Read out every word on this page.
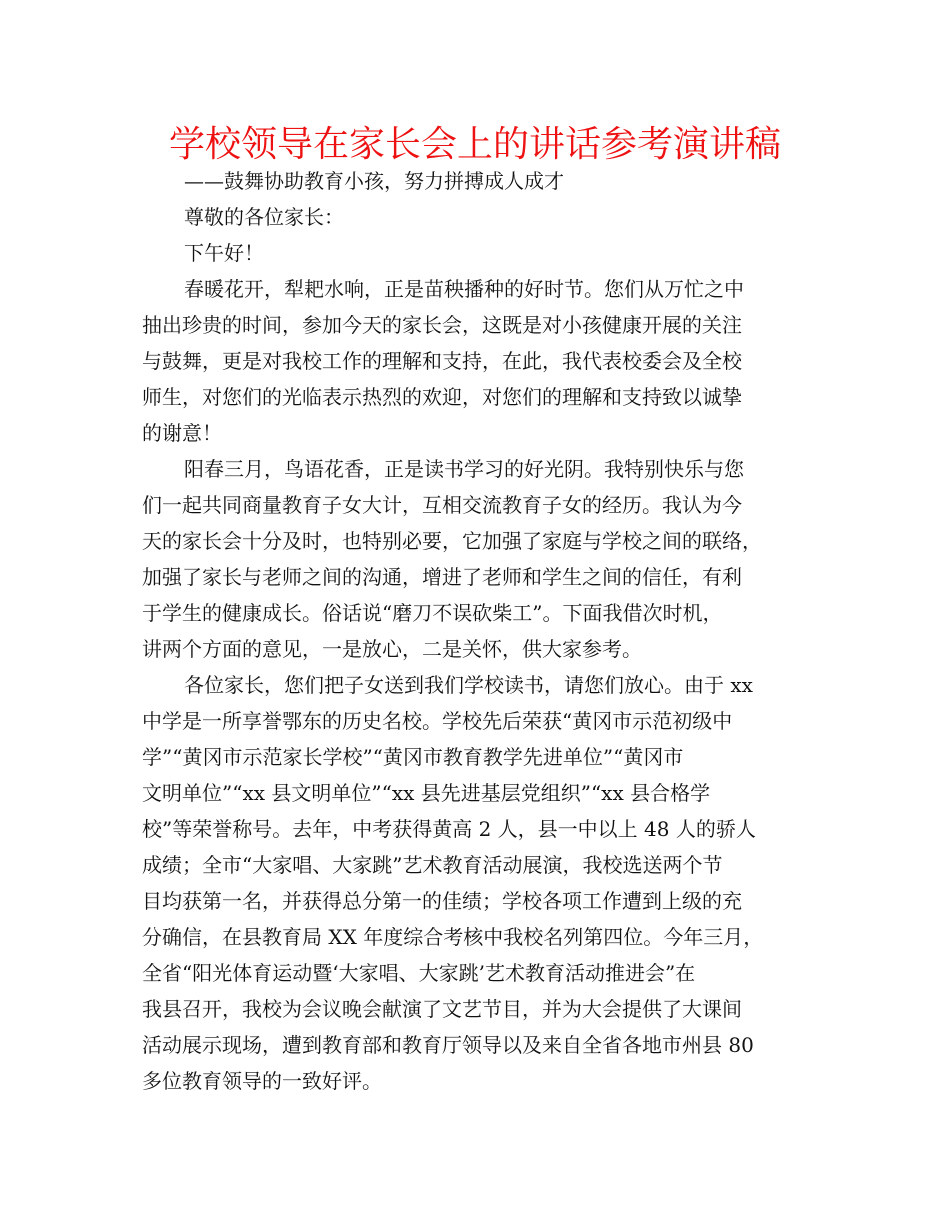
学校领导在家长会上的讲话参考演讲稿
——鼓舞协助教育小孩，努力拼搏成人成才
尊敬的各位家长：
下午好！
春暖花开，犁耙水响，正是苗秧播种的好时节。您们从万忙之中
抽出珍贵的时间，参加今天的家长会，这既是对小孩健康开展的关注
与鼓舞，更是对我校工作的理解和支持，在此，我代表校委会及全校
师生，对您们的光临表示热烈的欢迎，对您们的理解和支持致以诚挚
的谢意！
阳春三月，鸟语花香，正是读书学习的好光阴。我特别快乐与您
们一起共同商量教育子女大计，互相交流教育子女的经历。我认为今
天的家长会十分及时，也特别必要，它加强了家庭与学校之间的联络，
加强了家长与老师之间的沟通，增进了老师和学生之间的信任，有利
于学生的健康成长。俗话说“磨刀不误砍柴工”。下面我借次时机，
讲两个方面的意见，一是放心，二是关怀，供大家参考。
各位家长，您们把子女送到我们学校读书，请您们放心。由于 xx
中学是一所享誉鄂东的历史名校。学校先后荣获“黄冈市示范初级中
学”“黄冈市示范家长学校”“黄冈市教育教学先进单位”“黄冈市
文明单位”“xx 县文明单位”“xx 县先进基层党组织”“xx 县合格学
校”等荣誉称号。去年，中考获得黄高 2 人，县一中以上 48 人的骄人
成绩；全市“大家唱、大家跳”艺术教育活动展演，我校选送两个节
目均获第一名，并获得总分第一的佳绩；学校各项工作遭到上级的充
分确信，在县教育局 XX 年度综合考核中我校名列第四位。今年三月，
全省“阳光体育运动暨‘大家唱、大家跳’艺术教育活动推进会”在
我县召开，我校为会议晚会献演了文艺节目，并为大会提供了大课间
活动展示现场，遭到教育部和教育厅领导以及来自全省各地市州县 80
多位教育领导的一致好评。
